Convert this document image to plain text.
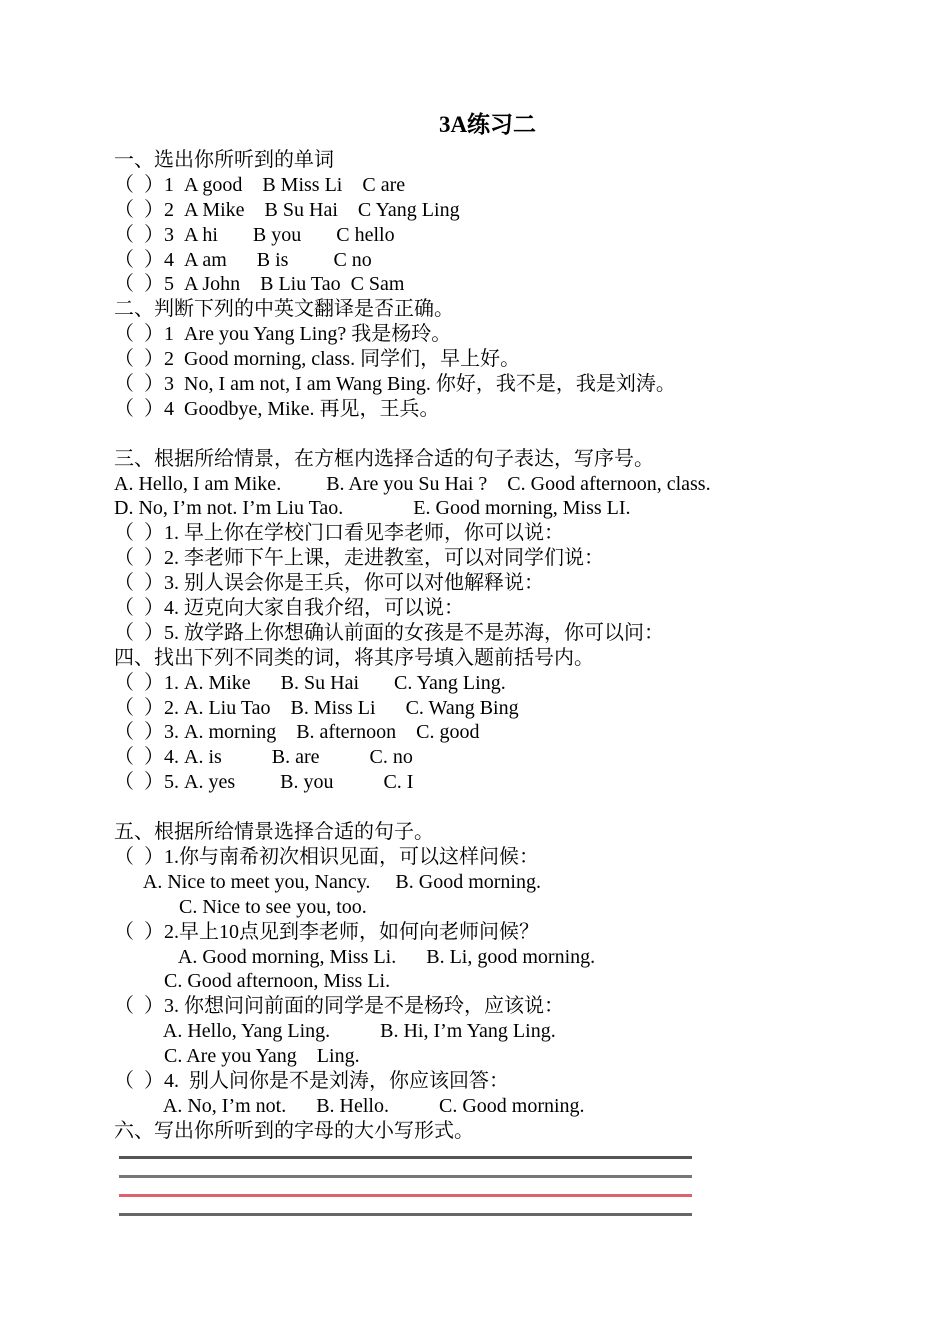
3A练习二
一、选出你所听到的单词
（  ）1  A good    B Miss Li    C are
（  ）2  A Mike    B Su Hai    C Yang Ling
（  ）3  A hi       B you       C hello
（  ）4  A am      B is         C no
（  ）5  A John    B Liu Tao  C Sam
二、判断下列的中英文翻译是否正确。
（  ）1  Are you Yang Ling? 我是杨玲。
（  ）2  Good morning, class. 同学们，早上好。
（  ）3  No, I am not, I am Wang Bing. 你好，我不是，我是刘涛。
（  ）4  Goodbye, Mike. 再见，王兵。
三、根据所给情景，在方框内选择合适的句子表达，写序号。
A. Hello, I am Mike.         B. Are you Su Hai ?    C. Good afternoon, class.
D. No, I’m not. I’m Liu Tao.              E. Good morning, Miss LI.
（  ）1. 早上你在学校门口看见李老师，你可以说：
（  ）2. 李老师下午上课，走进教室，可以对同学们说：
（  ）3. 别人误会你是王兵，你可以对他解释说：
（  ）4. 迈克向大家自我介绍，可以说：
（  ）5. 放学路上你想确认前面的女孩是不是苏海，你可以问：
四、找出下列不同类的词，将其序号填入题前括号内。
（  ）1. A. Mike      B. Su Hai       C. Yang Ling.
（  ）2. A. Liu Tao    B. Miss Li      C. Wang Bing
（  ）3. A. morning    B. afternoon    C. good
（  ）4. A. is          B. are          C. no
（  ）5. A. yes         B. you          C. I
五、根据所给情景选择合适的句子。
（  ）1.你与南希初次相识见面，可以这样问候：
A. Nice to meet you, Nancy.     B. Good morning.
C. Nice to see you, too.
（  ）2.早上10点见到李老师，如何向老师问候？
A. Good morning, Miss Li.      B. Li, good morning.
C. Good afternoon, Miss Li.
（  ）3. 你想问问前面的同学是不是杨玲，应该说：
A. Hello, Yang Ling.          B. Hi, I’m Yang Ling.
C. Are you Yang    Ling.
（  ）4.  别人问你是不是刘涛，你应该回答：
A. No, I’m not.      B. Hello.          C. Good morning.
六、写出你所听到的字母的大小写形式。
